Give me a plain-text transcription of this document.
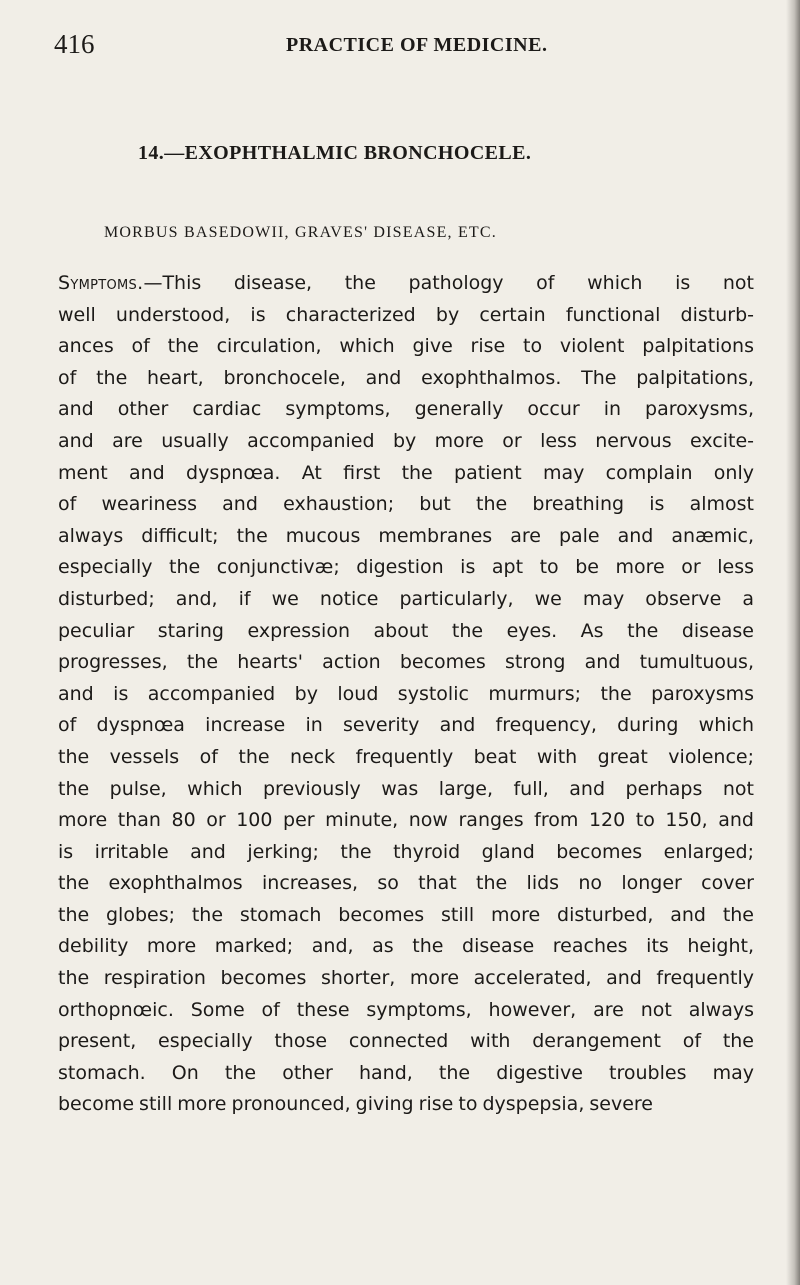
416	PRACTICE OF MEDICINE.
14.—EXOPHTHALMIC BRONCHOCELE.
MORBUS BASEDOWII, GRAVES' DISEASE, ETC.
Symptoms.—This disease, the pathology of which is not
well understood, is characterized by certain functional disturb-
ances of the circulation, which give rise to violent palpitations
of the heart, bronchocele, and exophthalmos. The palpitations,
and other cardiac symptoms, generally occur in paroxysms,
and are usually accompanied by more or less nervous excite-
ment and dyspnœa. At first the patient may complain only
of weariness and exhaustion; but the breathing is almost
always difficult; the mucous membranes are pale and anæmic,
especially the conjunctivæ; digestion is apt to be more or less
disturbed; and, if we notice particularly, we may observe a
peculiar staring expression about the eyes. As the disease
progresses, the hearts' action becomes strong and tumultuous,
and is accompanied by loud systolic murmurs; the paroxysms
of dyspnœa increase in severity and frequency, during which
the vessels of the neck frequently beat with great violence;
the pulse, which previously was large, full, and perhaps not
more than 80 or 100 per minute, now ranges from 120 to 150, and
is irritable and jerking; the thyroid gland becomes enlarged;
the exophthalmos increases, so that the lids no longer cover
the globes; the stomach becomes still more disturbed, and the
debility more marked; and, as the disease reaches its height,
the respiration becomes shorter, more accelerated, and frequently
orthopnœic. Some of these symptoms, however, are not always
present, especially those connected with derangement of the
stomach. On the other hand, the digestive troubles may
become still more pronounced, giving rise to dyspepsia, severe
